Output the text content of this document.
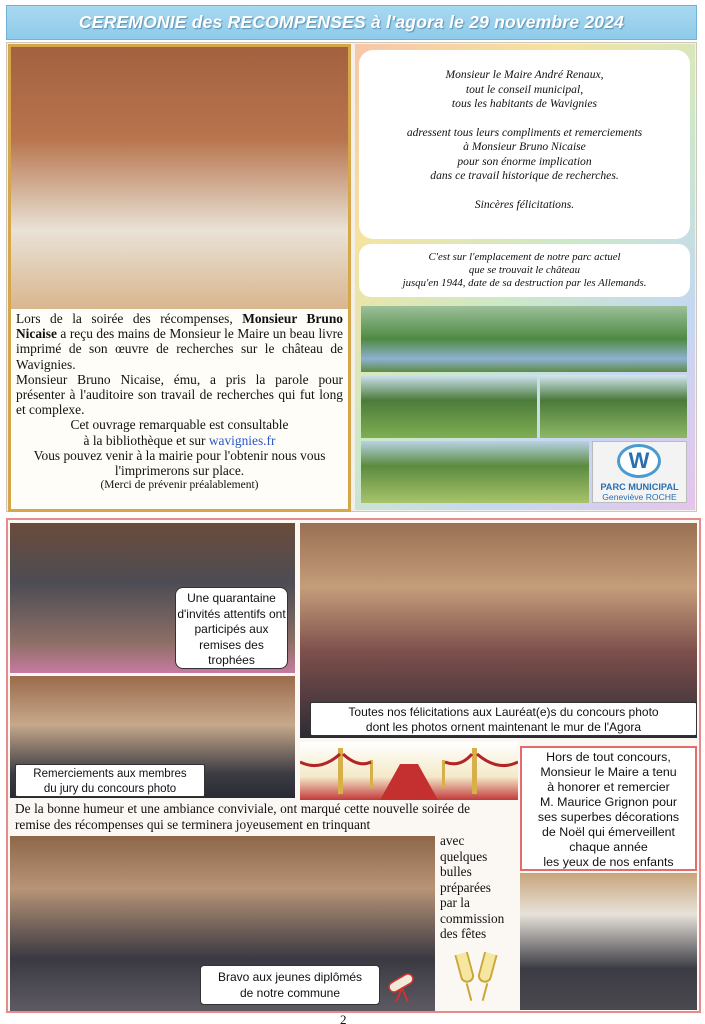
CEREMONIE des RECOMPENSES à l'agora le 29 novembre 2024

Lors de la soirée des récompenses, Monsieur Bruno Nicaise a reçu des mains de Monsieur le Maire un beau livre imprimé de son œuvre de recherches sur le château de Wavignies.

Monsieur Bruno Nicaise, ému, a pris la parole pour présenter à l'auditoire son travail de recherches qui fut long et complexe.

Cet ouvrage remarquable est consultable

à la bibliothèque et sur wavignies.fr

Vous pouvez venir à la mairie pour l'obtenir nous vous l'imprimerons sur place.

(Merci de prévenir préalablement)

Monsieur le Maire André Renaux,
tout le conseil municipal,
tous les habitants de Wavignies
adressent tous leurs compliments et remerciements
à Monsieur Bruno Nicaise
pour son énorme implication
dans ce travail historique de recherches.
Sincères félicitations.
C'est sur l'emplacement de notre parc actuel
que se trouvait le château
jusqu'en 1944, date de sa destruction par les Allemands.
W
PARC MUNICIPAL
Geneviève ROCHE
Une quarantaine d'invités attentifs ont participés aux remises des trophées
Remerciements aux membres
du jury du concours photo
Toutes nos félicitations aux Lauréat(e)s du concours photo
dont les photos ornent maintenant le mur de l'Agora
Hors de tout concours,
Monsieur le Maire a tenu
à honorer et remercier
M. Maurice Grignon pour
ses superbes décorations
de Noël qui émerveillent
chaque année
les yeux de nos enfants
De la bonne humeur et une ambiance conviviale, ont marqué cette nouvelle soirée de remise des récompenses qui se terminera joyeusement en trinquant
avec
quelques
bulles
préparées
par la
commission
des fêtes
Bravo aux jeunes diplômés
de notre commune
2
